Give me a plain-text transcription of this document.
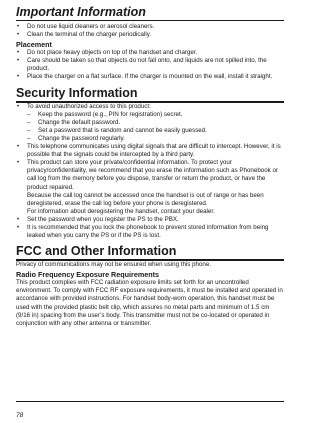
Important Information
• Do not use liquid cleaners or aerosol cleaners.
• Clean the terminal of the charger periodically.
Placement
• Do not place heavy objects on top of the handset and charger.
• Care should be taken so that objects do not fall onto, and liquids are not spilled into, the product.
• Place the charger on a flat surface. If the charger is mounted on the wall, install it straight.
Security Information
• To avoid unauthorized access to this product:
– Keep the password (e.g., PIN for registration) secret.
– Change the default password.
– Set a password that is random and cannot be easily guessed.
– Change the password regularly.
• This telephone communicates using digital signals that are difficult to intercept. However, it is possible that the signals could be intercepted by a third party.
• This product can store your private/confidential information. To protect your privacy/confidentiality, we recommend that you erase the information such as Phonebook or call log from the memory before you dispose, transfer or return the product, or have the product repaired.
Because the call log cannot be accessed once the handset is out of range or has been deregistered, erase the call log before your phone is deregistered.
For information about deregistering the handset, contact your dealer.
• Set the password when you register the PS to the PBX.
• It is recommended that you lock the phonebook to prevent stored information from being leaked when you carry the PS or if the PS is lost.
FCC and Other Information

Privacy of communications may not be ensured when using this phone.

Radio Frequency Exposure Requirements

This product complies with FCC radiation exposure limits set forth for an uncontrolled environment. To comply with FCC RF exposure requirements, it must be installed and operated in accordance with provided instructions. For handset body-worn operation, this handset must be used with the provided plastic belt clip, which assures no metal parts and minimum of 1.5 cm (9/16 in) spacing from the user’s body. This transmitter must not be co-located or operated in conjunction with any other antenna or transmitter.

78
